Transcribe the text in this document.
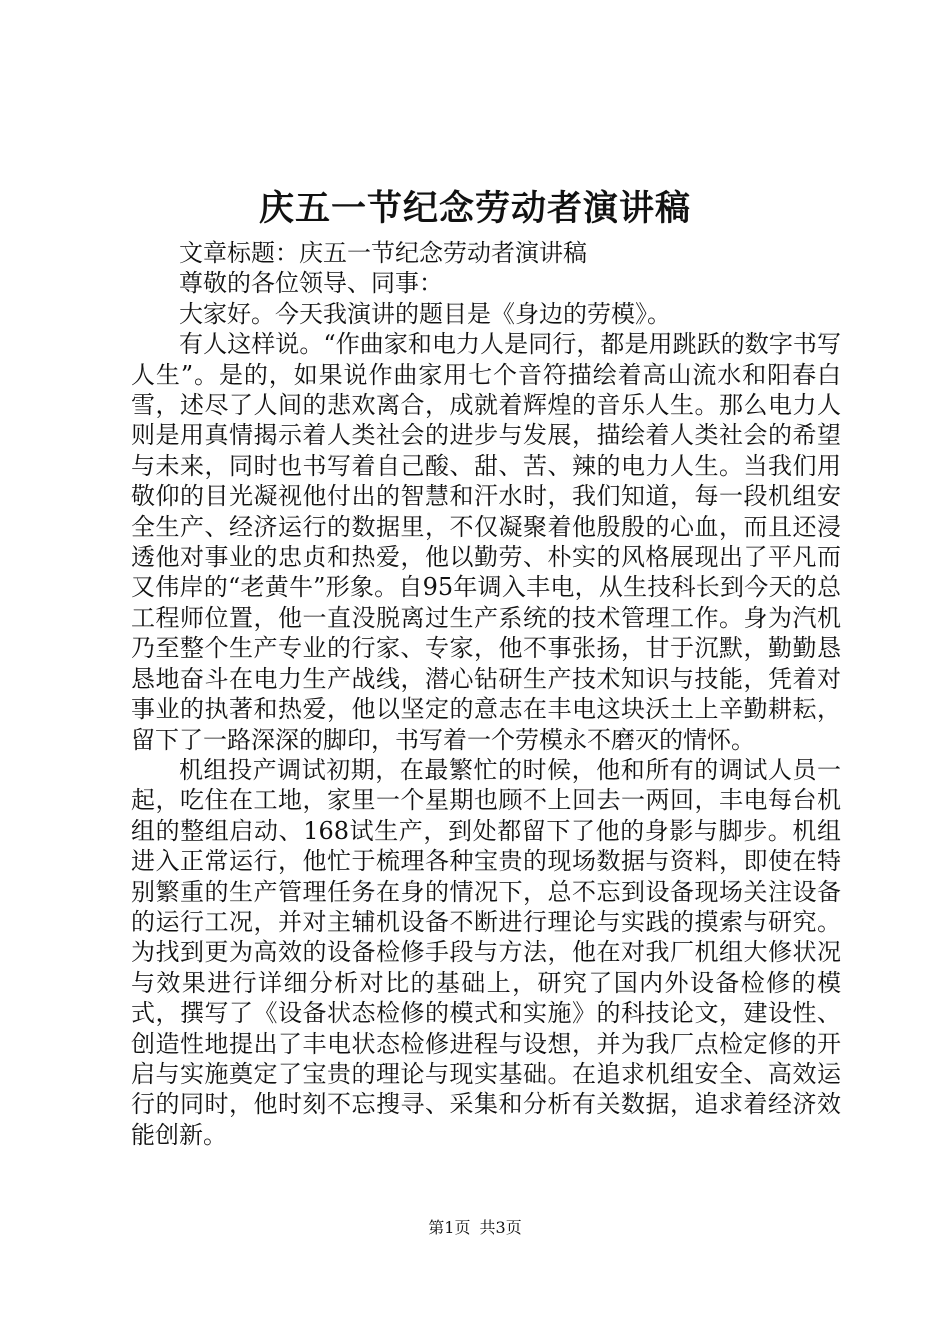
庆五一节纪念劳动者演讲稿

文章标题：庆五一节纪念劳动者演讲稿

尊敬的各位领导、同事：

大家好。今天我演讲的题目是《身边的劳模》。

有人这样说。“作曲家和电力人是同行，都是用跳跃的数字书写人生”。是的，如果说作曲家用七个音符描绘着高山流水和阳春白雪，述尽了人间的悲欢离合，成就着辉煌的音乐人生。那么电力人则是用真情揭示着人类社会的进步与发展，描绘着人类社会的希望与未来，同时也书写着自己酸、甜、苦、辣的电力人生。当我们用敬仰的目光凝视他付出的智慧和汗水时，我们知道，每一段机组安全生产、经济运行的数据里，不仅凝聚着他殷殷的心血，而且还浸透他对事业的忠贞和热爱，他以勤劳、朴实的风格展现出了平凡而又伟岸的“老黄牛”形象。自95年调入丰电，从生技科长到今天的总工程师位置，他一直没脱离过生产系统的技术管理工作。身为汽机乃至整个生产专业的行家、专家，他不事张扬，甘于沉默，勤勤恳恳地奋斗在电力生产战线，潜心钻研生产技术知识与技能，凭着对事业的执著和热爱，他以坚定的意志在丰电这块沃土上辛勤耕耘，留下了一路深深的脚印，书写着一个劳模永不磨灭的情怀。

机组投产调试初期，在最繁忙的时候，他和所有的调试人员一起，吃住在工地，家里一个星期也顾不上回去一两回，丰电每台机组的整组启动、168试生产，到处都留下了他的身影与脚步。机组进入正常运行，他忙于梳理各种宝贵的现场数据与资料，即使在特别繁重的生产管理任务在身的情况下，总不忘到设备现场关注设备的运行工况，并对主辅机设备不断进行理论与实践的摸索与研究。为找到更为高效的设备检修手段与方法，他在对我厂机组大修状况与效果进行详细分析对比的基础上，研究了国内外设备检修的模式，撰写了《设备状态检修的模式和实施》的科技论文，建设性、创造性地提出了丰电状态检修进程与设想，并为我厂点检定修的开启与实施奠定了宝贵的理论与现实基础。在追求机组安全、高效运行的同时，他时刻不忘搜寻、采集和分析有关数据，追求着经济效能创新。

第1页 共3页
